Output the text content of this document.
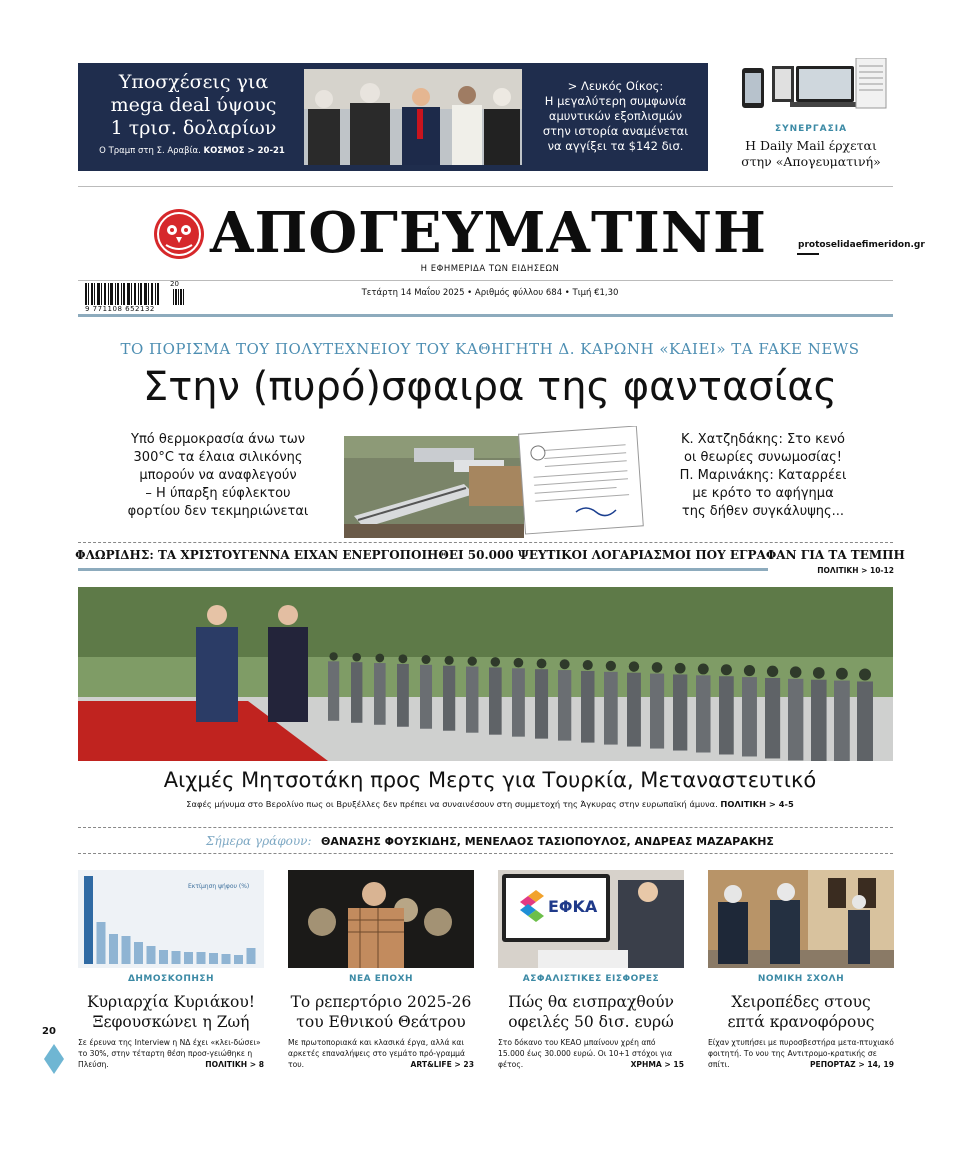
Υποσχέσεις για
mega deal ύψους
1 τρισ. δολαρίων
Ο Τραμπ στη Σ. Αραβία. ΚΟΣΜΟΣ > 20-21
> Λευκός Οίκος:
Η μεγαλύτερη συμφωνία
αμυντικών εξοπλισμών
στην ιστορία αναμένεται
να αγγίξει τα $142 δισ.
ΣΥΝΕΡΓΑΣΙΑ
Η Daily Mail έρχεται
στην «Απογευματινή»
ΑΠΟΓΕΥΜΑΤΙΝΗ	protoselidaefimeridon.gr
Η ΕΦΗΜΕΡΙΔΑ ΤΩΝ ΕΙΔΗΣΕΩΝ
20
9 771108 652132
Τετάρτη 14 Μαΐου 2025 • Αριθμός φύλλου 684 • Τιμή €1,30
ΤΟ ΠΟΡΙΣΜΑ ΤΟΥ ΠΟΛΥΤΕΧΝΕΙΟΥ ΤΟΥ ΚΑΘΗΓΗΤΗ Δ. ΚΑΡΩΝΗ «ΚΑΙΕΙ» ΤΑ FAKE NEWS
Στην (πυρό)σφαιρα της φαντασίας
Υπό θερμοκρασία άνω των
300°C τα έλαια σιλικόνης
μπορούν να αναφλεγούν
– Η ύπαρξη εύφλεκτου
φορτίου δεν τεκμηριώνεται
Κ. Χατζηδάκης: Στο κενό
οι θεωρίες συνωμοσίας!
Π. Μαρινάκης: Καταρρέει
με κρότο το αφήγημα
της δήθεν συγκάλυψης...
ΦΛΩΡΙΔΗΣ: ΤΑ ΧΡΙΣΤΟΥΓΕΝΝΑ ΕΙΧΑΝ ΕΝΕΡΓΟΠΟΙΗΘΕΙ 50.000 ΨΕΥΤΙΚΟΙ ΛΟΓΑΡΙΑΣΜΟΙ ΠΟΥ ΕΓΡΑΦΑΝ ΓΙΑ ΤΑ ΤΕΜΠΗ
ΠΟΛΙΤΙΚΗ > 10-12
Αιχμές Μητσοτάκη προς Μερτς για Τουρκία, Μεταναστευτικό
Σαφές μήνυμα στο Βερολίνο πως οι Βρυξέλλες δεν πρέπει να συναινέσουν στη συμμετοχή της Άγκυρας στην ευρωπαϊκή άμυνα. ΠΟΛΙΤΙΚΗ > 4-5
Σήμερα γράφουν: ΘΑΝΑΣΗΣ ΦΟΥΣΚΙΔΗΣ, ΜΕΝΕΛΑΟΣ ΤΑΣΙΟΠΟΥΛΟΣ, ΑΝΔΡΕΑΣ ΜΑΖΑΡΑΚΗΣ
Εκτίμηση ψήφου (%)
ΔΗΜΟΣΚΟΠΗΣΗ
Κυριαρχία Κυριάκου!
Ξεφουσκώνει η Ζωή
Σε έρευνα της Interview η ΝΔ έχει «κλει-δώσει» το 30%, στην τέταρτη θέση προσ-γειώθηκε η Πλεύση.	ΠΟΛΙΤΙΚΗ > 8
ΝΕΑ ΕΠΟΧΗ
Το ρεπερτόριο 2025-26
του Εθνικού Θεάτρου
Με πρωτοποριακά και κλασικά έργα, αλλά και αρκετές επαναλήψεις στο γεμάτο πρό-γραμμά του.	ART&LIFE > 23
ΕΦΚΑ
ΑΣΦΑΛΙΣΤΙΚΕΣ ΕΙΣΦΟΡΕΣ
Πώς θα εισπραχθούν
οφειλές 50 δισ. ευρώ
Στο δόκανο του ΚΕΑΟ μπαίνουν χρέη από 15.000 έως 30.000 ευρώ. Οι 10+1 στόχοι για φέτος.	ΧΡΗΜΑ > 15
ΝΟΜΙΚΗ ΣΧΟΛΗ
Χειροπέδες στους
επτά κρανοφόρους
Είχαν χτυπήσει με πυροσβεστήρα μετα-πτυχιακό φοιτητή. Το νου της Αντιτρομο-κρατικής σε σπίτι.	ΡΕΠΟΡΤΑΖ > 14, 19
20
